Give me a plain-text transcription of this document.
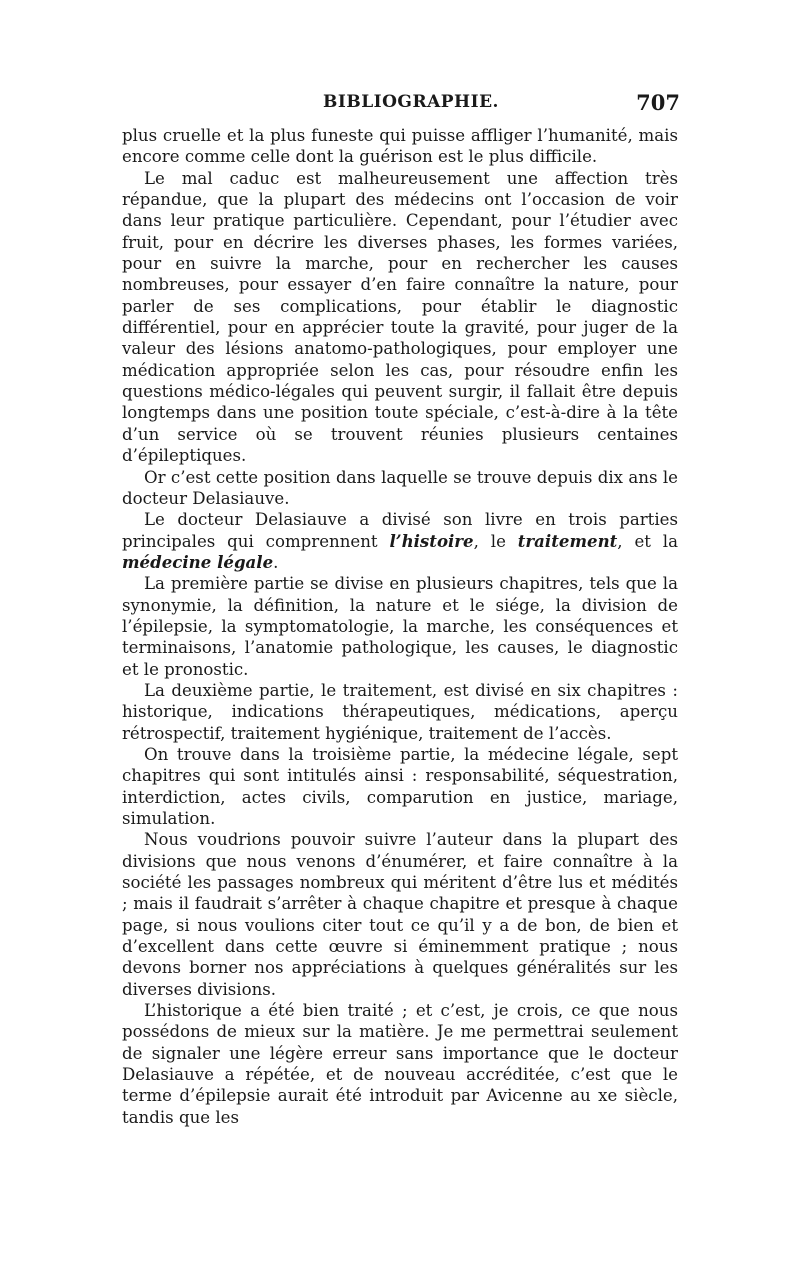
BIBLIOGRAPHIE.	707

plus cruelle et la plus funeste qui puisse affliger l’humanité, mais encore comme celle dont la guérison est le plus difficile.

Le mal caduc est malheureusement une affection très répandue, que la plupart des médecins ont l’occasion de voir dans leur pratique particulière. Cependant, pour l’étudier avec fruit, pour en décrire les diverses phases, les formes variées, pour en suivre la marche, pour en rechercher les causes nombreuses, pour essayer d’en faire connaître la nature, pour parler de ses complications, pour établir le diagnostic différentiel, pour en apprécier toute la gravité, pour juger de la valeur des lésions anatomo-pathologiques, pour employer une médication appropriée selon les cas, pour résoudre enfin les questions médico-légales qui peuvent surgir, il fallait être depuis longtemps dans une position toute spéciale, c’est-à-dire à la tête d’un service où se trouvent réunies plusieurs centaines d’épileptiques.

Or c’est cette position dans laquelle se trouve depuis dix ans le docteur Delasiauve.

Le docteur Delasiauve a divisé son livre en trois parties principales qui comprennent l’histoire, le traitement, et la médecine légale.

La première partie se divise en plusieurs chapitres, tels que la synonymie, la définition, la nature et le siége, la division de l’épilepsie, la symptomatologie, la marche, les conséquences et terminaisons, l’anatomie pathologique, les causes, le diagnostic et le pronostic.

La deuxième partie, le traitement, est divisé en six chapitres : historique, indications thérapeutiques, médications, aperçu rétrospectif, traitement hygiénique, traitement de l’accès.

On trouve dans la troisième partie, la médecine légale, sept chapitres qui sont intitulés ainsi : responsabilité, séquestration, interdiction, actes civils, comparution en justice, mariage, simulation.

Nous voudrions pouvoir suivre l’auteur dans la plupart des divisions que nous venons d’énumérer, et faire connaître à la société les passages nombreux qui méritent d’être lus et médités ; mais il faudrait s’arrêter à chaque chapitre et presque à chaque page, si nous voulions citer tout ce qu’il y a de bon, de bien et d’excellent dans cette œuvre si éminemment pratique ; nous devons borner nos appréciations à quelques généralités sur les diverses divisions.

L’historique a été bien traité ; et c’est, je crois, ce que nous possédons de mieux sur la matière. Je me permettrai seulement de signaler une légère erreur sans importance que le docteur Delasiauve a répétée, et de nouveau accréditée, c’est que le terme d’épilepsie aurait été introduit par Avicenne au xe siècle, tandis que les
